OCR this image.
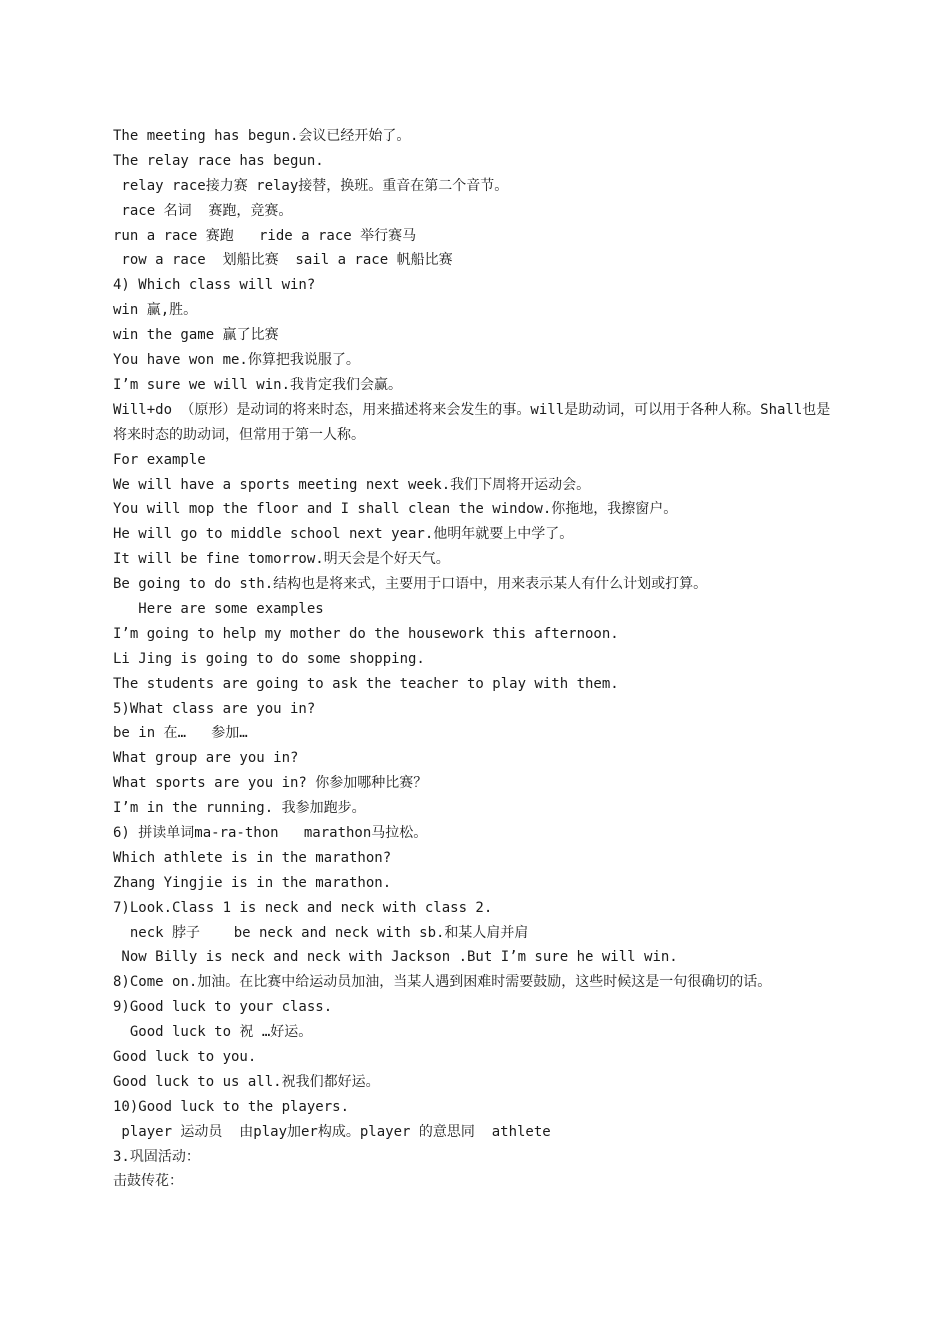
The meeting has begun.会议已经开始了。
The relay race has begun.
relay race接力赛 relay接替，换班。重音在第二个音节。
race 名词  赛跑，竞赛。
run a race 赛跑   ride a race 举行赛马
row a race  划船比赛  sail a race 帆船比赛
4) Which class will win?
win 赢,胜。
win the game 赢了比赛
You have won me.你算把我说服了。
I’m sure we will win.我肯定我们会赢。
Will+do （原形）是动词的将来时态，用来描述将来会发生的事。will是助动词，可以用于各种人称。Shall也是将来时态的助动词，但常用于第一人称。
For example
We will have a sports meeting next week.我们下周将开运动会。
You will mop the floor and I shall clean the window.你拖地，我擦窗户。
He will go to middle school next year.他明年就要上中学了。
It will be fine tomorrow.明天会是个好天气。
Be going to do sth.结构也是将来式，主要用于口语中，用来表示某人有什么计划或打算。
Here are some examples
I’m going to help my mother do the housework this afternoon.
Li Jing is going to do some shopping.
The students are going to ask the teacher to play with them.
5)What class are you in?
be in 在…   参加…
What group are you in?
What sports are you in? 你参加哪种比赛？
I’m in the running. 我参加跑步。
6) 拼读单词ma-ra-thon   marathon马拉松。
Which athlete is in the marathon?
Zhang Yingjie is in the marathon.
7)Look.Class 1 is neck and neck with class 2.
neck 脖子    be neck and neck with sb.和某人肩并肩
Now Billy is neck and neck with Jackson .But I’m sure he will win.
8)Come on.加油。在比赛中给运动员加油，当某人遇到困难时需要鼓励，这些时候这是一句很确切的话。
9)Good luck to your class.
Good luck to 祝 …好运。
Good luck to you.
Good luck to us all.祝我们都好运。
10)Good luck to the players.
player 运动员  由play加er构成。player 的意思同  athlete
3.巩固活动：
击鼓传花：
